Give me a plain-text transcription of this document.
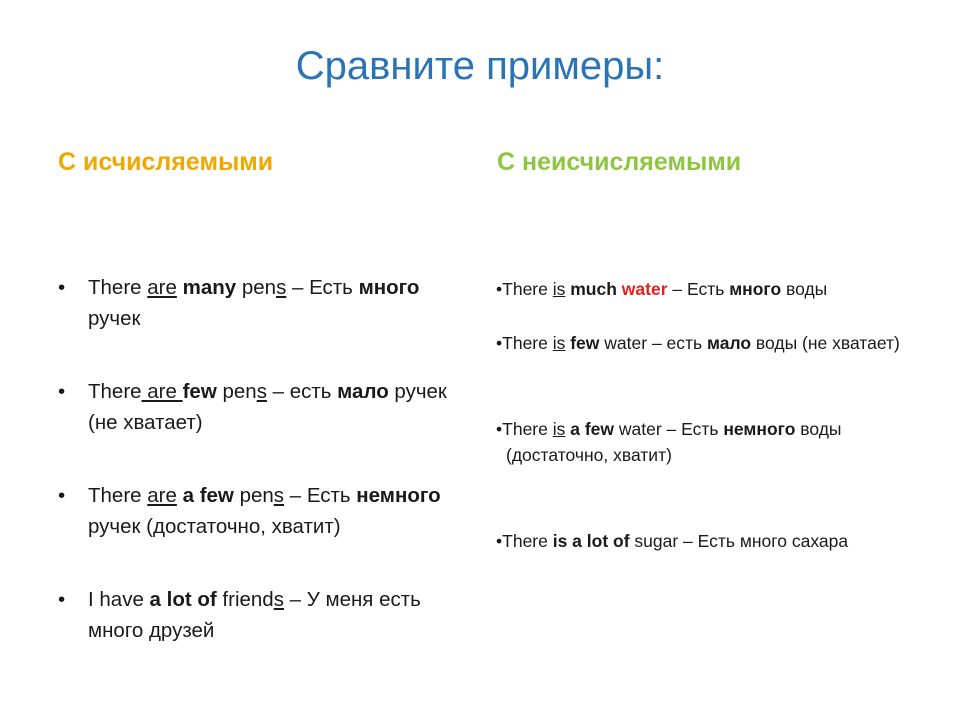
Сравните примеры:
С исчисляемыми	С неисчисляемыми
• There are many pens – Есть много ручек
• There are few pens – есть мало ручек (не хватает)
• There are a few pens – Есть немного ручек (достаточно, хватит)
• I have a lot of friends – У меня есть много друзей
•There is much water – Есть много воды
•There is few water – есть мало воды (не хватает)
•There is a few water – Есть немного воды (достаточно, хватит)
•There is a lot of sugar – Есть много сахара
